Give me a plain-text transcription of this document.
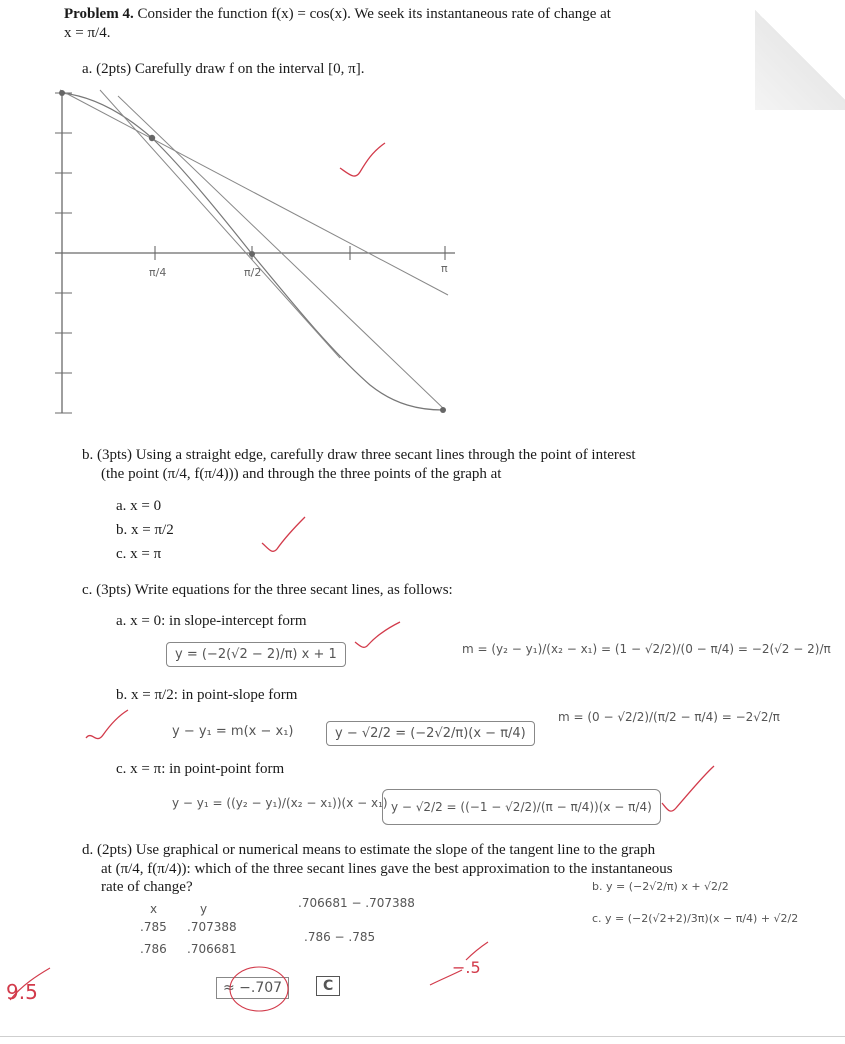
Problem 4. Consider the function f(x) = cos(x). We seek its instantaneous rate of change at
x = π/4.
a. (2pts) Carefully draw f on the interval [0, π].
π/4	π/2	π
b. (3pts) Using a straight edge, carefully draw three secant lines through the point of interest
(the point (π/4, f(π/4))) and through the three points of the graph at
a. x = 0
b. x = π/2
c. x = π
c. (3pts) Write equations for the three secant lines, as follows:
a. x = 0: in slope-intercept form
y = (−2(√2 − 2)/π) x + 1	m = (y₂ − y₁)/(x₂ − x₁) = (1 − √2/2)/(0 − π/4) = −2(√2 − 2)/π
b. x = π/2: in point-slope form
y − y₁ = m(x − x₁)	y − √2/2 = (−2√2/π)(x − π/4)
m = (0 − √2/2)/(π/2 − π/4) = −2√2/π
c. x = π: in point-point form
y − y₁ = ((y₂ − y₁)/(x₂ − x₁))(x − x₁) y − √2/2 = ((−1 − √2/2)/(π − π/4))(x − π/4)
d. (2pts) Use graphical or numerical means to estimate the slope of the tangent line to the graph
at (π/4, f(π/4)): which of the three secant lines gave the best approximation to the instantaneous
rate of change?
x	y
.785 .707388
.786 .706681
.706681 − .707388
.786 − .785
≈ −.707	C
b. y = (−2√2/π) x + √2/2
c. y = (−2(√2+2)/3π)(x − π/4) + √2/2
9.5
−.5
